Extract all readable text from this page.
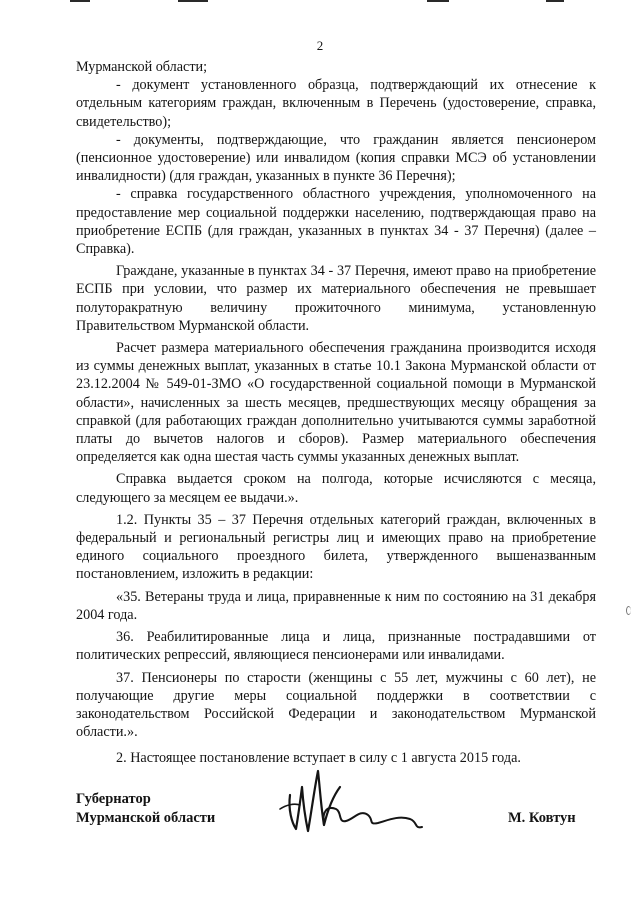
2

Мурманской области;

- документ установленного образца, подтверждающий их отнесение к отдельным категориям граждан, включенным в Перечень (удостоверение, справка, свидетельство);

- документы, подтверждающие, что гражданин является пенсионером (пенсионное удостоверение) или инвалидом (копия справки МСЭ об установлении инвалидности) (для граждан, указанных в пункте 36 Перечня);

- справка государственного областного учреждения, уполномоченного на предоставление мер социальной поддержки населению, подтверждающая право на приобретение ЕСПБ (для граждан, указанных в пунктах 34 - 37 Перечня) (далее – Справка).

Граждане, указанные в пунктах 34 - 37 Перечня, имеют право на приобретение ЕСПБ при условии, что размер их материального обеспечения не превышает полуторакратную величину прожиточного минимума, установленную Правительством Мурманской области.

Расчет размера материального обеспечения гражданина производится исходя из суммы денежных выплат, указанных в статье 10.1 Закона Мурманской области от 23.12.2004 № 549-01-ЗМО «О государственной социальной помощи в Мурманской области», начисленных за шесть месяцев, предшествующих месяцу обращения за справкой (для работающих граждан дополнительно учитываются суммы заработной платы до вычетов налогов и сборов). Размер материального обеспечения определяется как одна шестая часть суммы указанных денежных выплат.

Справка выдается сроком на полгода, которые исчисляются с месяца, следующего за месяцем ее выдачи.».

1.2. Пункты 35 – 37 Перечня отдельных категорий граждан, включенных в федеральный и региональный регистры лиц и имеющих право на приобретение единого социального проездного билета, утвержденного вышеназванным постановлением, изложить в редакции:

«35. Ветераны труда и лица, приравненные к ним по состоянию на 31 декабря 2004 года.

36. Реабилитированные лица и лица, признанные пострадавшими от политических репрессий, являющиеся пенсионерами или инвалидами.

37. Пенсионеры по старости (женщины с 55 лет, мужчины с 60 лет), не получающие другие меры социальной поддержки в соответствии с законодательством Российской Федерации и законодательством Мурманской области.».

2. Настоящее постановление вступает в силу с 1 августа 2015 года.

Губернатор
Мурманской области	М. Ковтун
